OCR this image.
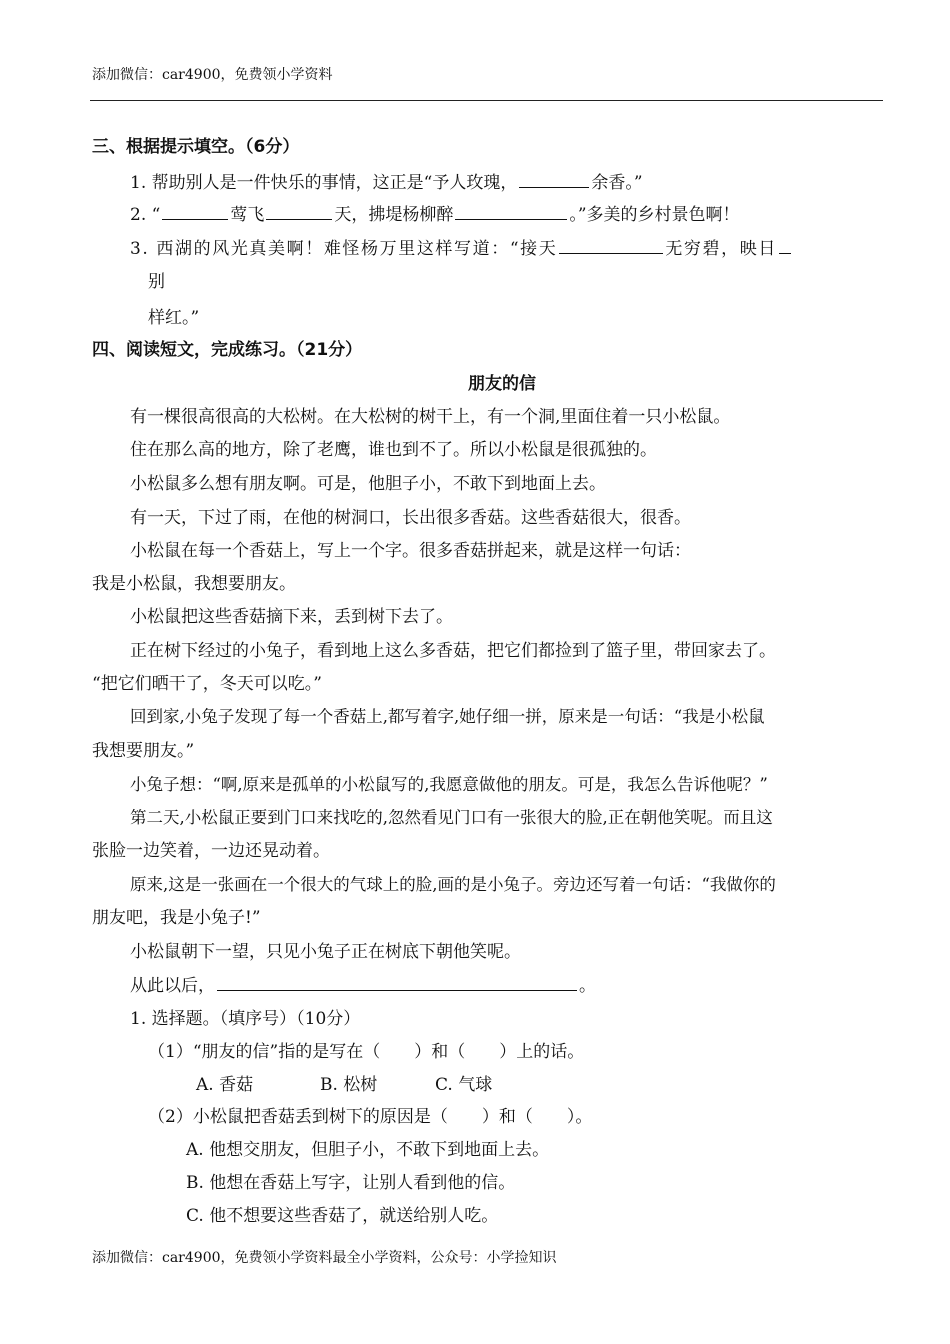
添加微信：car4900，免费领小学资料
三、根据提示填空。（6分）
1. 帮助别人是一件快乐的事情，这正是“予人玫瑰，	余香。”
2. “	莺飞	天，拂堤杨柳醉	。”多美的乡村景色啊！
3. 西湖的风光真美啊！难怪杨万里这样写道：“接天	无穷碧，映日
别
样红。”
四、阅读短文，完成练习。（21分）
朋友的信
有一棵很高很高的大松树。在大松树的树干上，有一个洞,里面住着一只小松鼠。
住在那么高的地方，除了老鹰，谁也到不了。所以小松鼠是很孤独的。
小松鼠多么想有朋友啊。可是，他胆子小，不敢下到地面上去。
有一天，下过了雨，在他的树洞口，长出很多香菇。这些香菇很大，很香。
小松鼠在每一个香菇上，写上一个字。很多香菇拼起来，就是这样一句话：
我是小松鼠，我想要朋友。
小松鼠把这些香菇摘下来，丢到树下去了。
正在树下经过的小兔子，看到地上这么多香菇，把它们都捡到了篮子里，带回家去了。
“把它们晒干了，冬天可以吃。”
回到家,小兔子发现了每一个香菇上,都写着字,她仔细一拼，原来是一句话：“我是小松鼠
我想要朋友。”
小兔子想：“啊,原来是孤单的小松鼠写的,我愿意做他的朋友。可是，我怎么告诉他呢？”
第二天,小松鼠正要到门口来找吃的,忽然看见门口有一张很大的脸,正在朝他笑呢。而且这
张脸一边笑着，一边还晃动着。
原来,这是一张画在一个很大的气球上的脸,画的是小兔子。旁边还写着一句话：“我做你的
朋友吧，我是小兔子!”
小松鼠朝下一望，只见小兔子正在树底下朝他笑呢。
从此以后，	。
1. 选择题。（填序号）（10分）
（1）“朋友的信”指的是写在（　　）和（　　）上的话。
A. 香菇	B. 松树	C. 气球
（2）小松鼠把香菇丢到树下的原因是（　　）和（　　）。
A. 他想交朋友，但胆子小，不敢下到地面上去。
B. 他想在香菇上写字，让别人看到他的信。
C. 他不想要这些香菇了，就送给别人吃。
添加微信：car4900，免费领小学资料最全小学资料，公众号：小学捡知识
